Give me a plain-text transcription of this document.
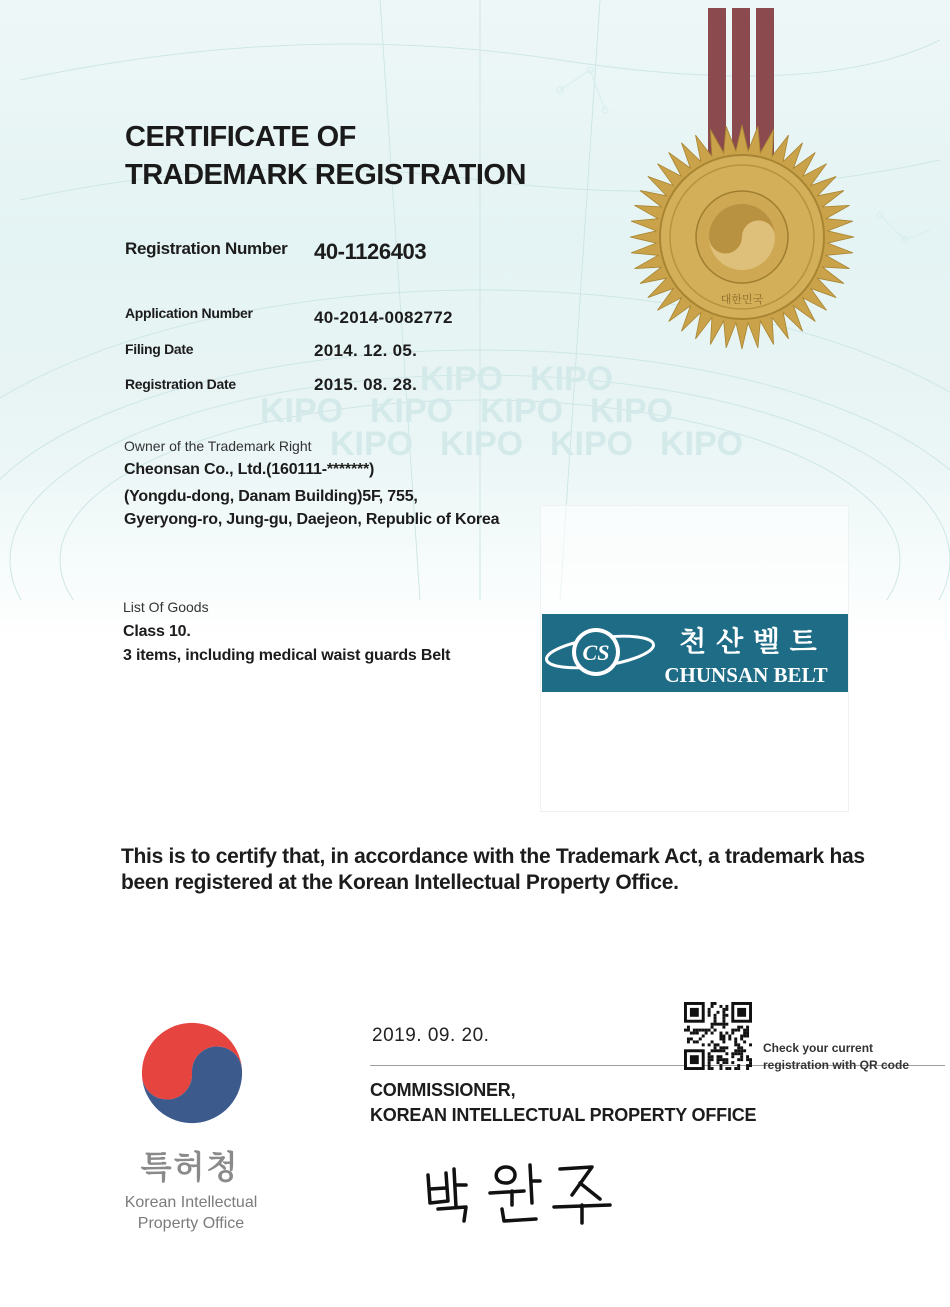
KIPO KIPO
KIPO KIPO KIPO KIPO
KIPO KIPO KIPO KIPO
대한민국
CERTIFICATE OF
TRADEMARK REGISTRATION
Registration Number 40-1126403
Application Number	40-2014-0082772
Filing Date	2014. 12. 05.
Registration Date	2015. 08. 28.
Owner of the Trademark Right
Cheonsan Co., Ltd.(160111-*******)
(Yongdu-dong, Danam Building)5F, 755,
Gyeryong-ro, Jung-gu, Daejeon, Republic of Korea
List Of Goods
Class 10.
3 items, including medical waist guards Belt	CS	천 산 벨 트
CHUNSAN BELT
This is to certify that, in accordance with the Trademark Act, a trademark has been registered at the Korean Intellectual Property Office.
2019. 09. 20.
Check your current
registration with QR code
COMMISSIONER,
KOREAN INTELLECTUAL PROPERTY OFFICE
특허청
Korean Intellectual
Property Office
